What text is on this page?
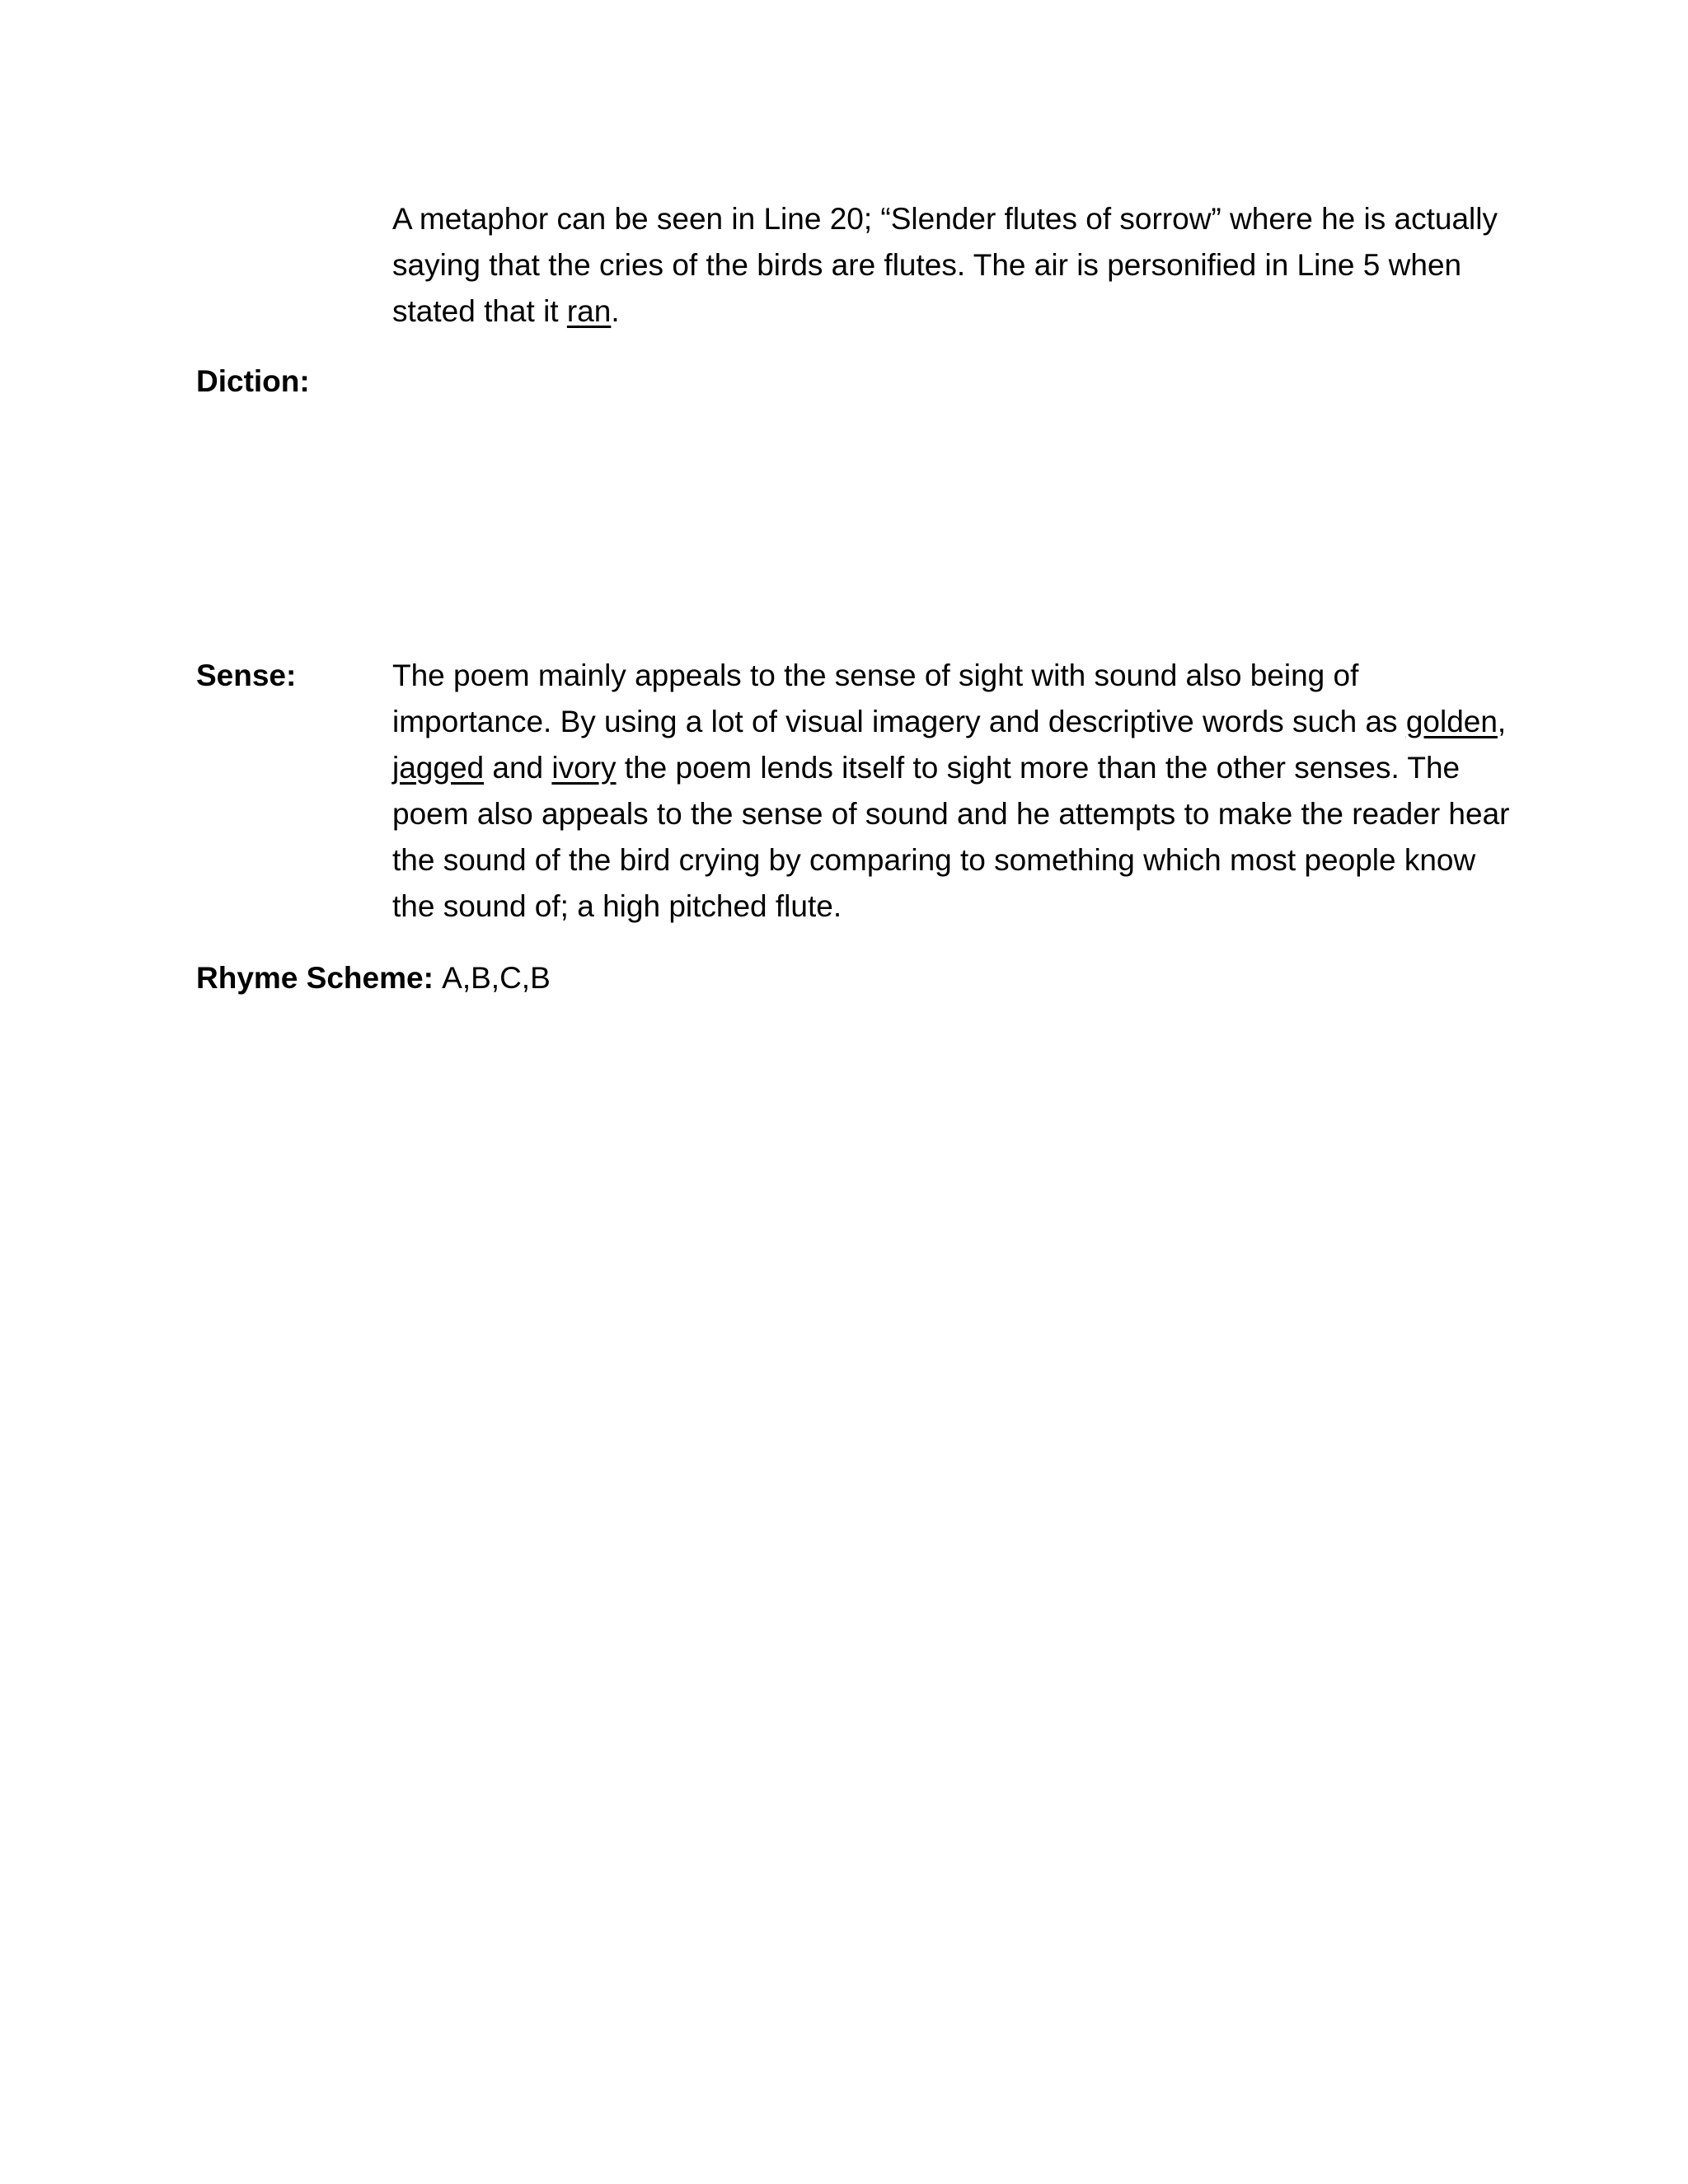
A metaphor can be seen in Line 20; “Slender flutes of sorrow” where he is actually saying that the cries of the birds are flutes. The air is personified in Line 5 when stated that it ran.

Diction:

Sense:	The poem mainly appeals to the sense of sight with sound also being of importance. By using a lot of visual imagery and descriptive words such as golden, jagged and ivory the poem lends itself to sight more than the other senses. The poem also appeals to the sense of sound and he attempts to make the reader hear the sound of the bird crying by comparing to something which most people know the sound of; a high pitched flute.

Rhyme Scheme: A,B,C,B
